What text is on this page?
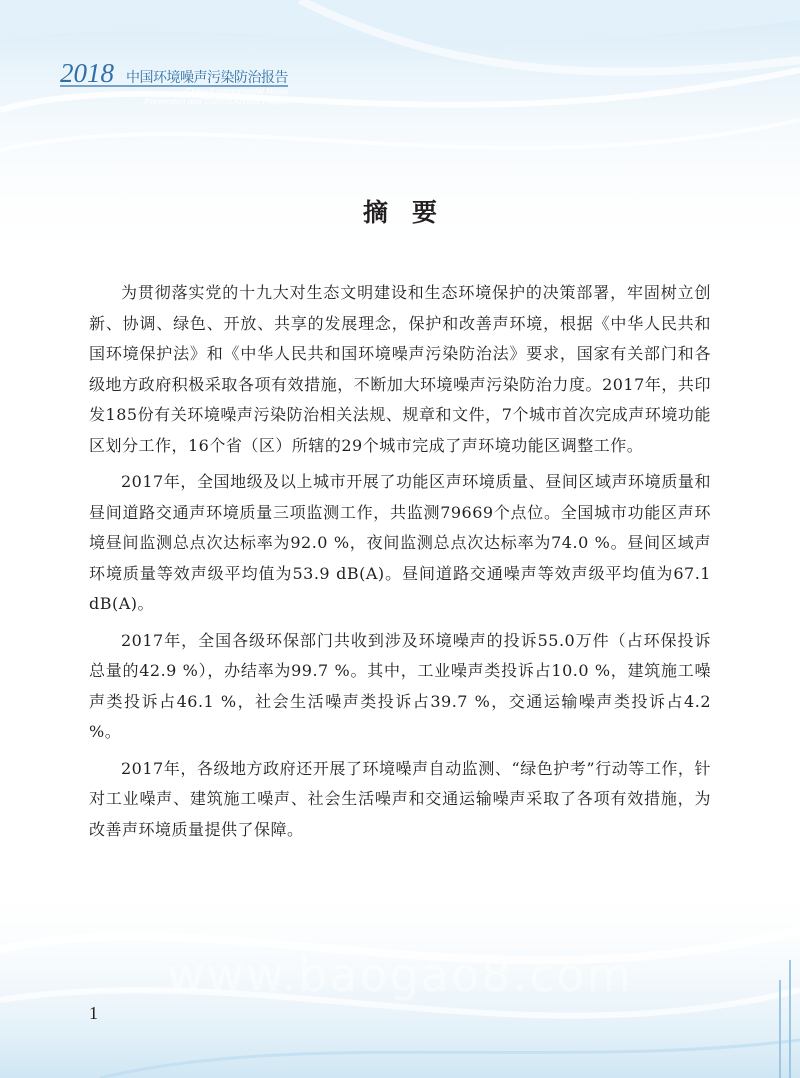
2018 中国环境噪声污染防治报告
China Environmental Noise
Prevention and Control Annual Report
摘要

为贯彻落实党的十九大对生态文明建设和生态环境保护的决策部署，牢固树立创新、协调、绿色、开放、共享的发展理念，保护和改善声环境，根据《中华人民共和国环境保护法》和《中华人民共和国环境噪声污染防治法》要求，国家有关部门和各级地方政府积极采取各项有效措施，不断加大环境噪声污染防治力度。2017年，共印发185份有关环境噪声污染防治相关法规、规章和文件，7个城市首次完成声环境功能区划分工作，16个省（区）所辖的29个城市完成了声环境功能区调整工作。

2017年，全国地级及以上城市开展了功能区声环境质量、昼间区域声环境质量和昼间道路交通声环境质量三项监测工作，共监测79669个点位。全国城市功能区声环境昼间监测总点次达标率为92.0 %，夜间监测总点次达标率为74.0 %。昼间区域声环境质量等效声级平均值为53.9 dB(A)。昼间道路交通噪声等效声级平均值为67.1 dB(A)。

2017年，全国各级环保部门共收到涉及环境噪声的投诉55.0万件（占环保投诉总量的42.9 %），办结率为99.7 %。其中，工业噪声类投诉占10.0 %，建筑施工噪声类投诉占46.1 %，社会生活噪声类投诉占39.7 %，交通运输噪声类投诉占4.2 %。

2017年，各级地方政府还开展了环境噪声自动监测、“绿色护考”行动等工作，针对工业噪声、建筑施工噪声、社会生活噪声和交通运输噪声采取了各项有效措施，为改善声环境质量提供了保障。

www.baogao8.com
1
